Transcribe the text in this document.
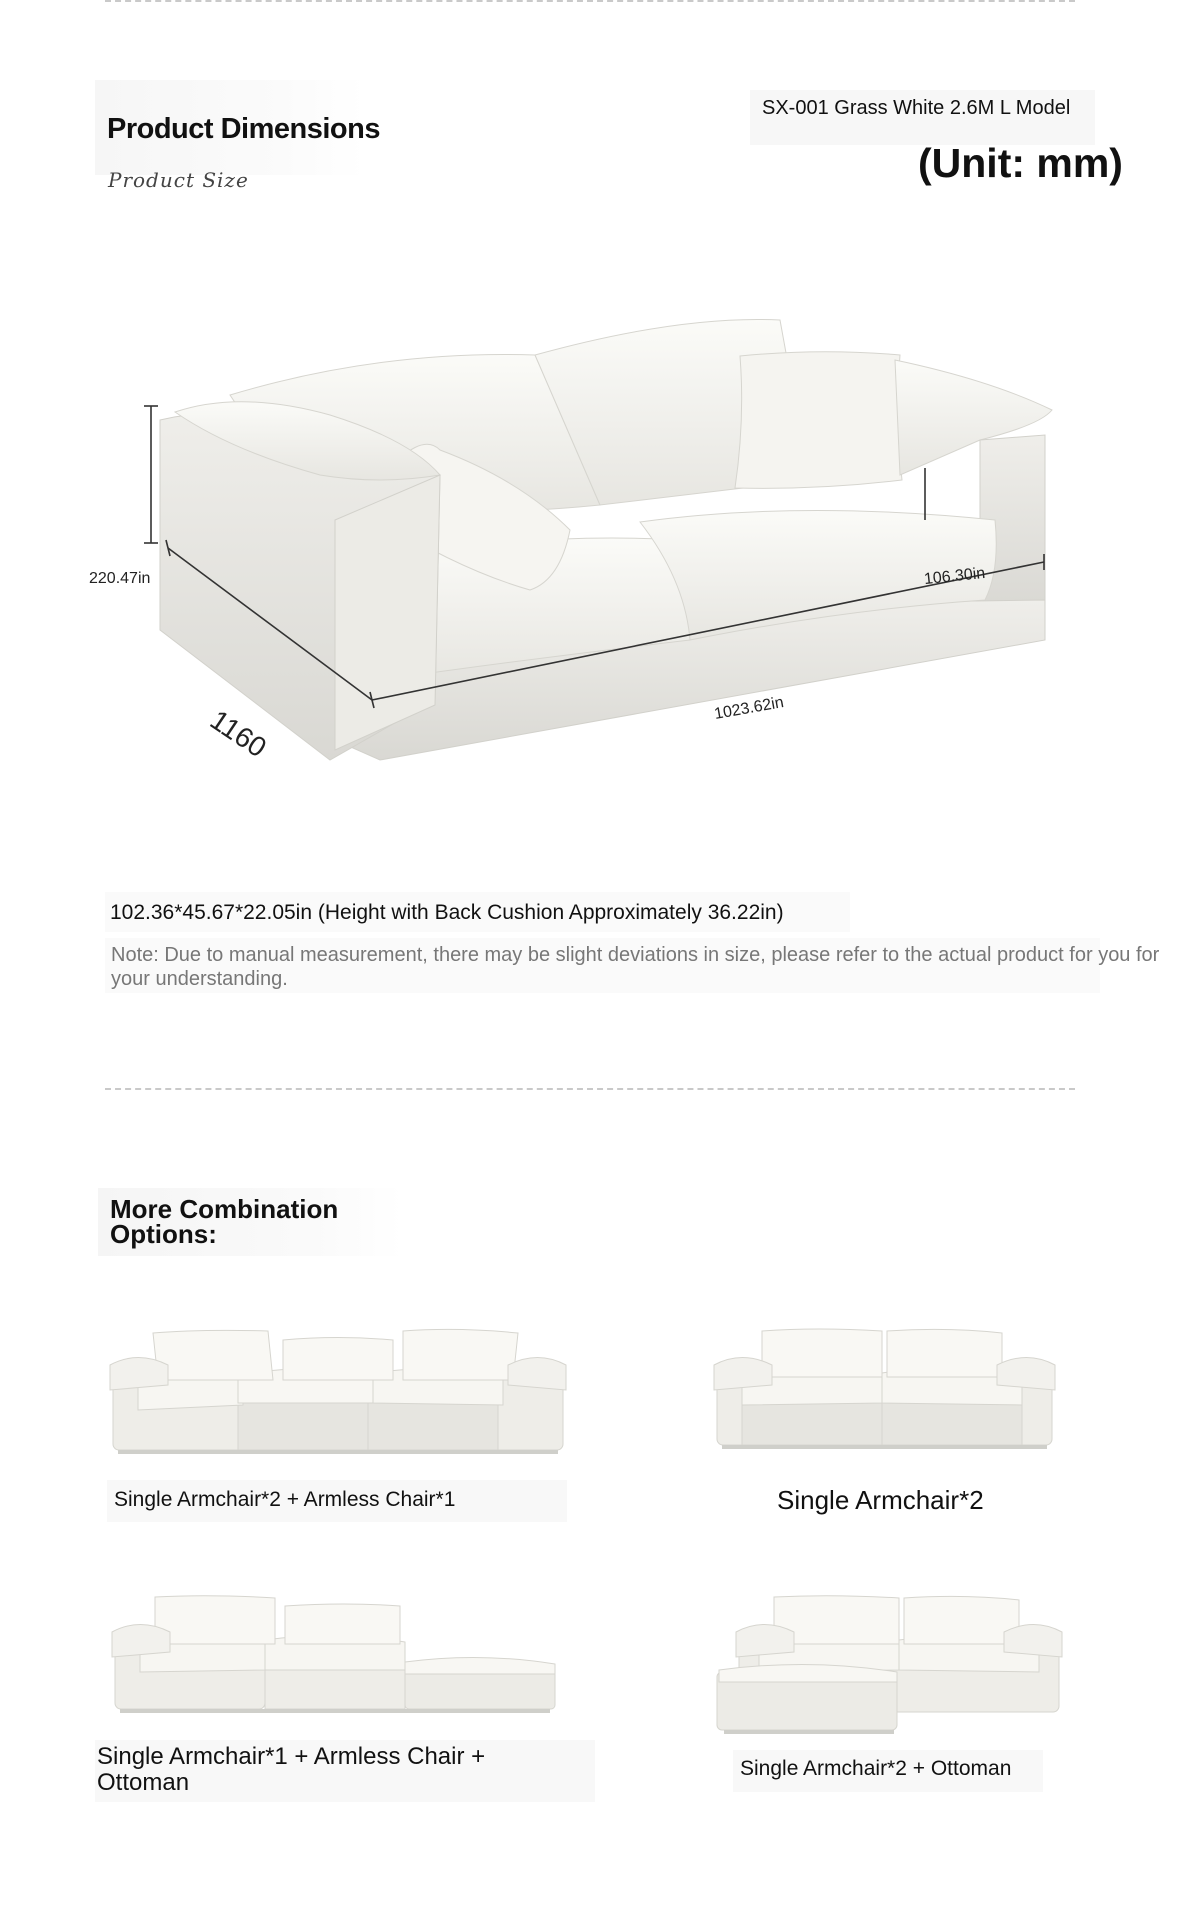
Product Dimensions
Product Size
SX-001 Grass White 2.6M L Model
(Unit: mm)
220.47in	106.30in
1160	1023.62in
102.36*45.67*22.05in (Height with Back Cushion Approximately 36.22in)
Note: Due to manual measurement, there may be slight deviations in size, please refer to the actual product for you for your understanding.
More Combination Options:
Single Armchair*2 + Armless Chair*1	Single Armchair*2
Single Armchair*1 + Armless Chair + Ottoman
Single Armchair*2 + Ottoman
